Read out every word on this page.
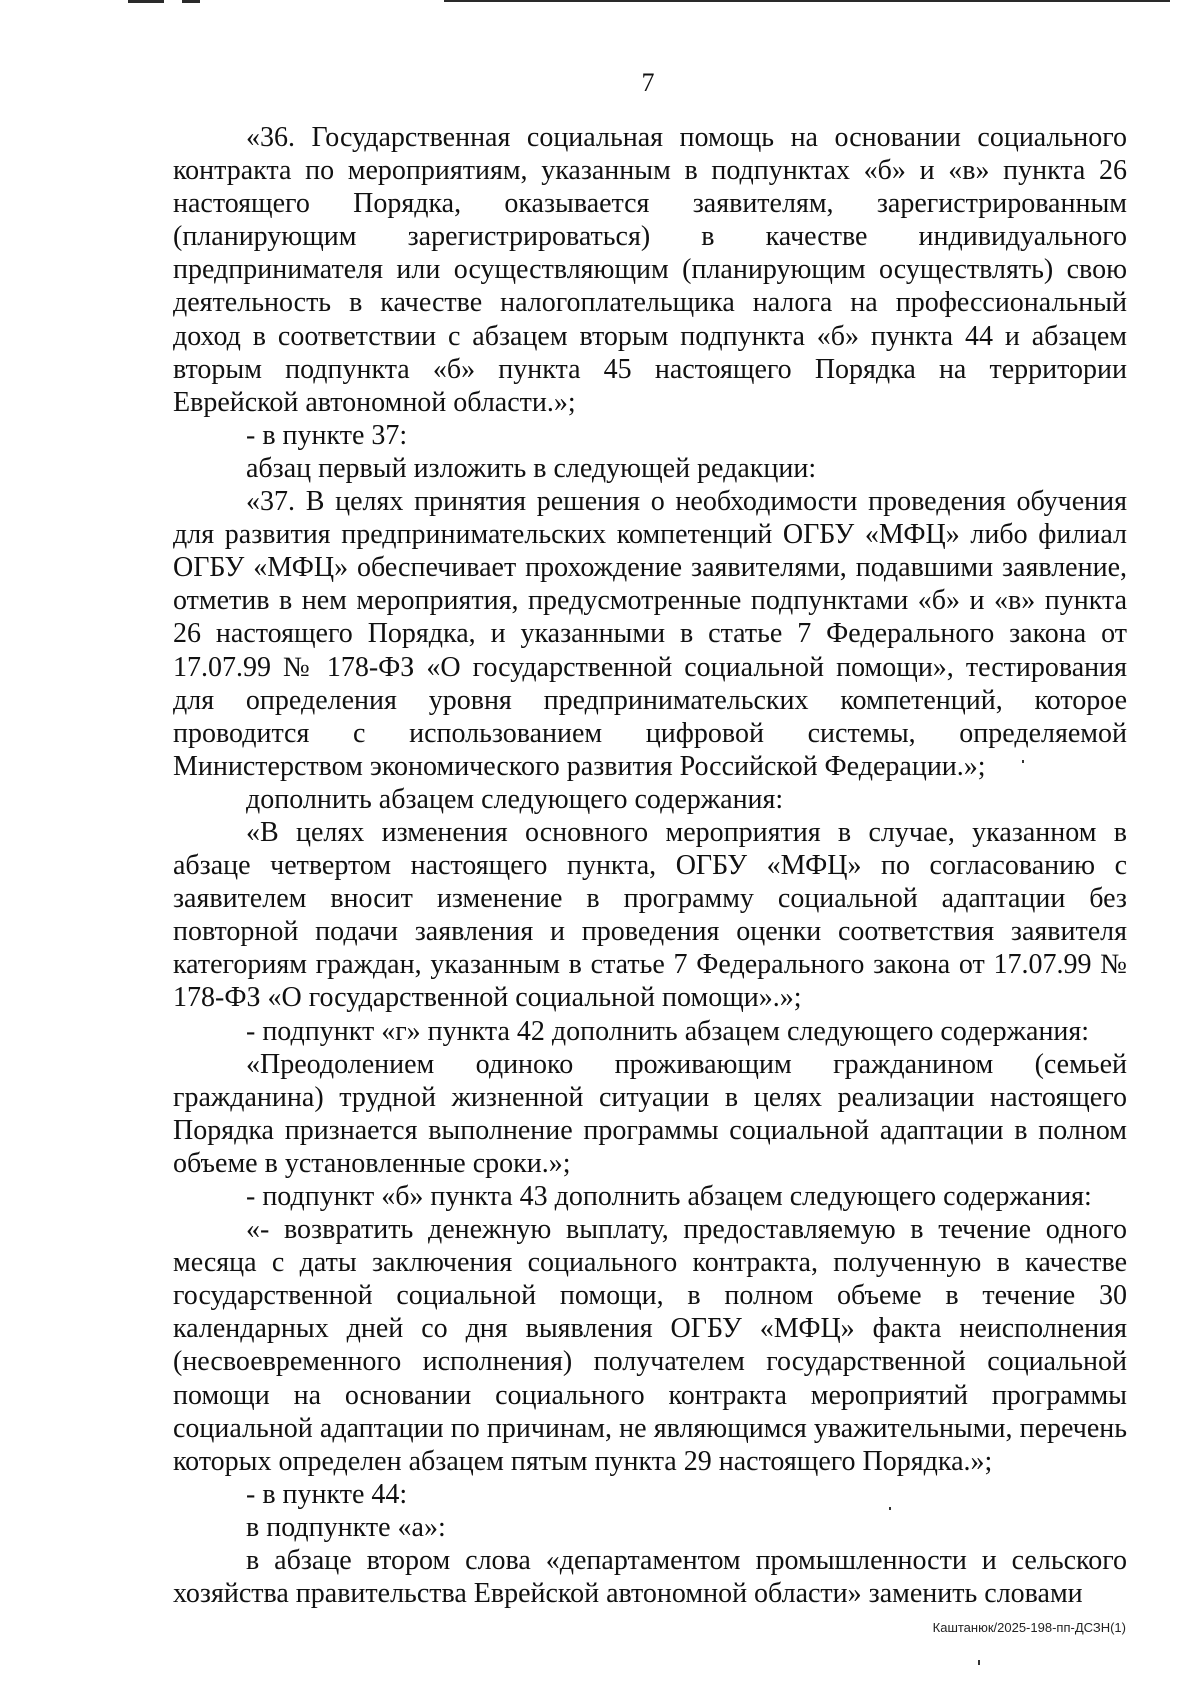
7

«36. Государственная социальная помощь на основании социального контракта по мероприятиям, указанным в подпунктах «б» и «в» пункта 26 настоящего Порядка, оказывается заявителям, зарегистрированным (планирующим зарегистрироваться) в качестве индивидуального предпринимателя или осуществляющим (планирующим осуществлять) свою деятельность в качестве налогоплательщика налога на профессиональный доход в соответствии с абзацем вторым подпункта «б» пункта 44 и абзацем вторым подпункта «б» пункта 45 настоящего Порядка на территории Еврейской автономной области.»;

- в пункте 37:

абзац первый изложить в следующей редакции:

«37. В целях принятия решения о необходимости проведения обучения для развития предпринимательских компетенций ОГБУ «МФЦ» либо филиал ОГБУ «МФЦ» обеспечивает прохождение заявителями, подавшими заявление, отметив в нем мероприятия, предусмотренные подпунктами «б» и «в» пункта 26 настоящего Порядка, и указанными в статье 7 Федерального закона от 17.07.99 № 178-ФЗ «О государственной социальной помощи», тестирования для определения уровня предпринимательских компетенций, которое проводится с использованием цифровой системы, определяемой Министерством экономического развития Российской Федерации.»;

дополнить абзацем следующего содержания:

«В целях изменения основного мероприятия в случае, указанном в абзаце четвертом настоящего пункта, ОГБУ «МФЦ» по согласованию с заявителем вносит изменение в программу социальной адаптации без повторной подачи заявления и проведения оценки соответствия заявителя категориям граждан, указанным в статье 7 Федерального закона от 17.07.99 № 178-ФЗ «О государственной социальной помощи».»;

- подпункт «г» пункта 42 дополнить абзацем следующего содержания:

«Преодолением одиноко проживающим гражданином (семьей гражданина) трудной жизненной ситуации в целях реализации настоящего Порядка признается выполнение программы социальной адаптации в полном объеме в установленные сроки.»;

- подпункт «б» пункта 43 дополнить абзацем следующего содержания:

«- возвратить денежную выплату, предоставляемую в течение одного месяца с даты заключения социального контракта, полученную в качестве государственной социальной помощи, в полном объеме в течение 30 календарных дней со дня выявления ОГБУ «МФЦ» факта неисполнения (несвоевременного исполнения) получателем государственной социальной помощи на основании социального контракта мероприятий программы социальной адаптации по причинам, не являющимся уважительными, перечень которых определен абзацем пятым пункта 29 настоящего Порядка.»;

- в пункте 44:

в подпункте «а»:

в абзаце втором слова «департаментом промышленности и сельского хозяйства правительства Еврейской автономной области» заменить словами

Каштанюк/2025-198-пп-ДСЗН(1)
